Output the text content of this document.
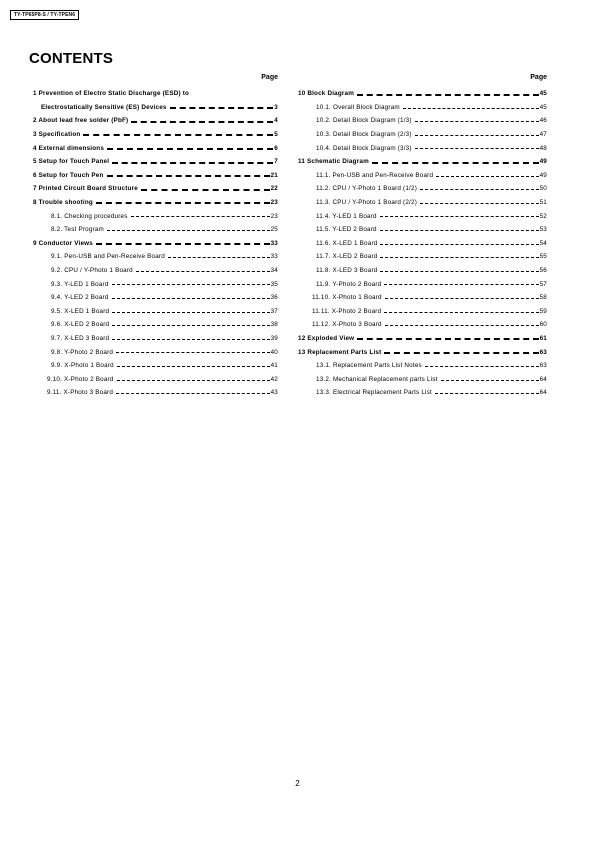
TY-TP65P8-S / TY-TPEN6
CONTENTS
Page
1 Prevention of Electro Static Discharge (ESD) to
Electrostatically Sensitive (ES) Devices	3
2 About lead free solder (PbF)	4
3 Specification	5
4 External dimensions	6
5 Setup for Touch Panel	7
6 Setup for Touch Pen	21
7 Printed Circuit Board Structure	22
8 Trouble shooting	23
8.1. Checking procedures	23
8.2. Test Program	25
9 Conductor Views	33
9.1. Pen-USB and Pen-Receive Board	33
9.2. CPU / Y-Photo 1 Board	34
9.3. Y-LED 1 Board	35
9.4. Y-LED 2 Board	36
9.5. X-LED 1 Board	37
9.6. X-LED 2 Board	38
9.7. X-LED 3 Board	39
9.8. Y-Photo 2 Board	40
9.9. X-Photo 1 Board	41
9.10. X-Photo 2 Board	42
9.11. X-Photo 3 Board	43
Page
10 Block Diagram	45
10.1. Overall Block Diagram	45
10.2. Detail Block Diagram (1/3)	46
10.3. Detail Block Diagram (2/3)	47
10.4. Detail Block Diagram (3/3)	48
11 Schematic Diagram	49
11.1. Pen-USB and Pen-Receive Board	49
11.2. CPU / Y-Photo 1 Board (1/2)	50
11.3. CPU / Y-Photo 1 Board (2/2)	51
11.4. Y-LED 1 Board	52
11.5. Y-LED 2 Board	53
11.6. X-LED 1 Board	54
11.7. X-LED 2 Board	55
11.8. X-LED 3 Board	56
11.9. Y-Photo 2 Board	57
11.10. X-Photo 1 Board	58
11.11. X-Photo 2 Board	59
11.12. X-Photo 3 Board	60
12 Exploded View	61
13 Replacement Parts List	63
13.1. Replacement Parts List Notes	63
13.2. Mechanical Replacement parts List	64
13.3. Electrical Replacement Parts List	64
2
